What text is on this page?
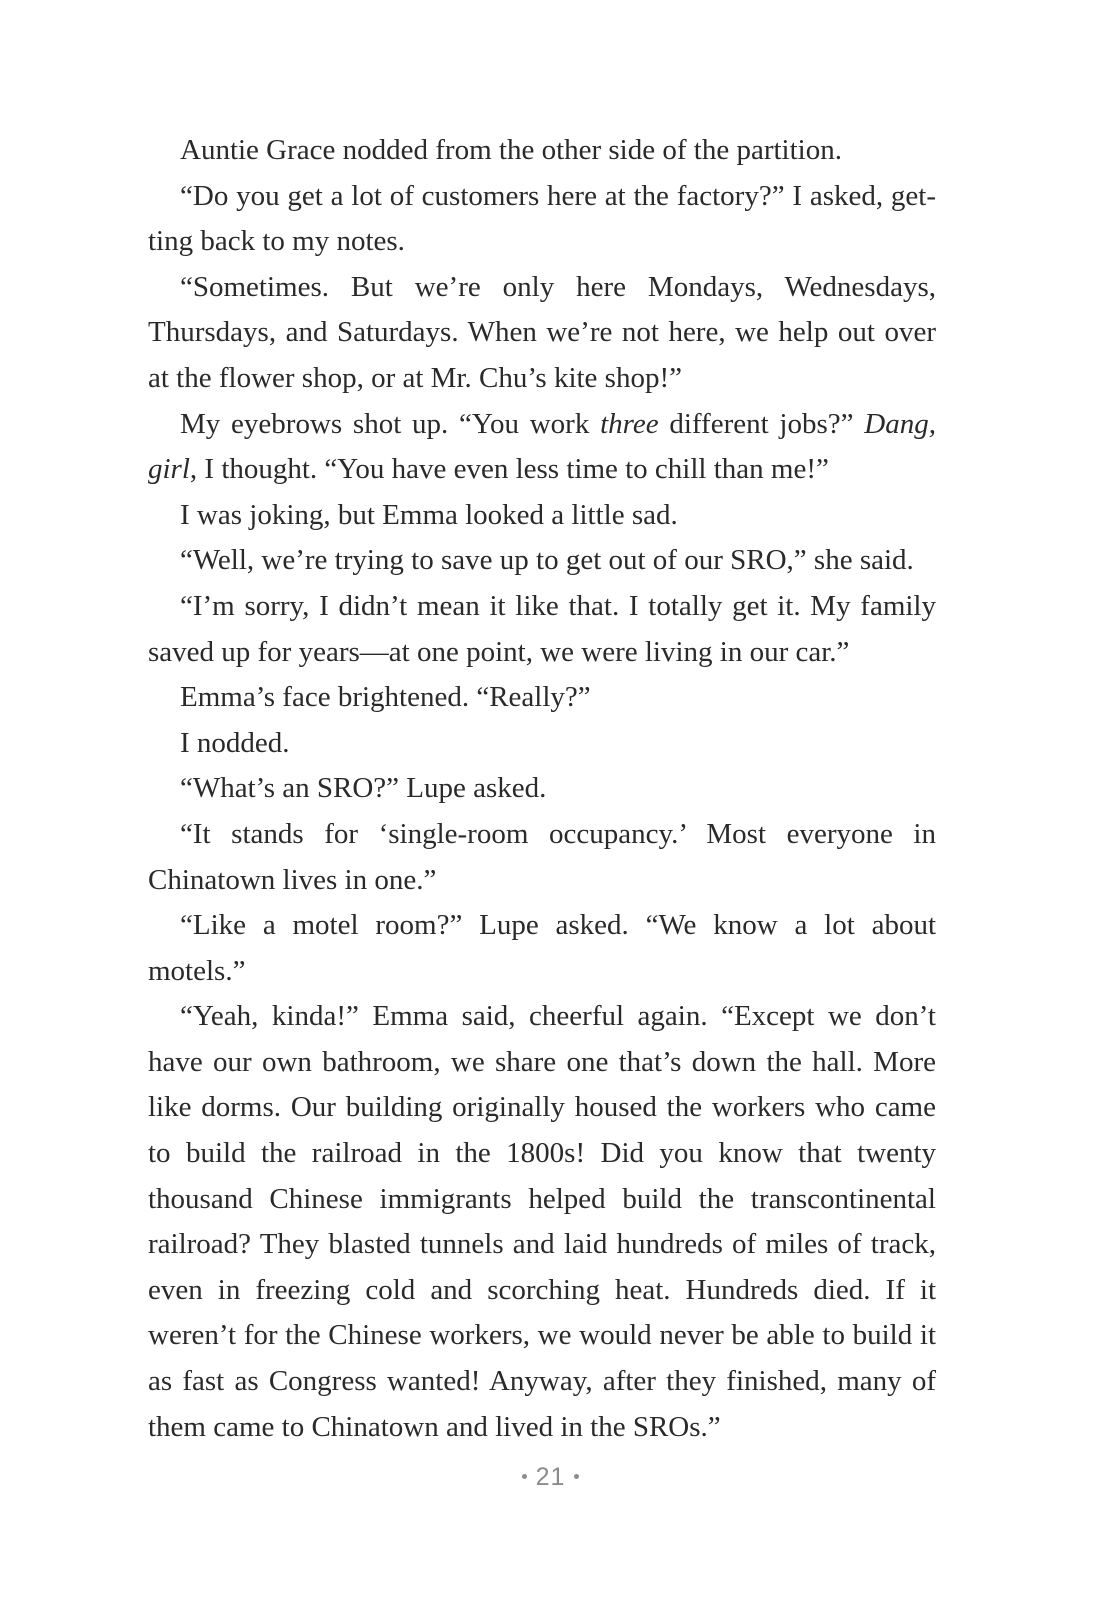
Auntie Grace nodded from the other side of the partition.

“Do you get a lot of customers here at the factory?” I asked, getting back to my notes.

“Sometimes. But we’re only here Mondays, Wednesdays, Thursdays, and Saturdays. When we’re not here, we help out over at the flower shop, or at Mr. Chu’s kite shop!”

My eyebrows shot up. “You work three different jobs?” Dang, girl, I thought. “You have even less time to chill than me!”

I was joking, but Emma looked a little sad.

“Well, we’re trying to save up to get out of our SRO,” she said.

“I’m sorry, I didn’t mean it like that. I totally get it. My family saved up for years—at one point, we were living in our car.”

Emma’s face brightened. “Really?”

I nodded.

“What’s an SRO?” Lupe asked.

“It stands for ‘single-room occupancy.’ Most everyone in Chinatown lives in one.”

“Like a motel room?” Lupe asked. “We know a lot about motels.”

“Yeah, kinda!” Emma said, cheerful again. “Except we don’t have our own bathroom, we share one that’s down the hall. More like dorms. Our building originally housed the workers who came to build the railroad in the 1800s! Did you know that twenty thousand Chinese immigrants helped build the transcontinental railroad? They blasted tunnels and laid hundreds of miles of track, even in freezing cold and scorching heat. Hundreds died. If it weren’t for the Chinese workers, we would never be able to build it as fast as Congress wanted! Anyway, after they finished, many of them came to Chinatown and lived in the SROs.”

21
